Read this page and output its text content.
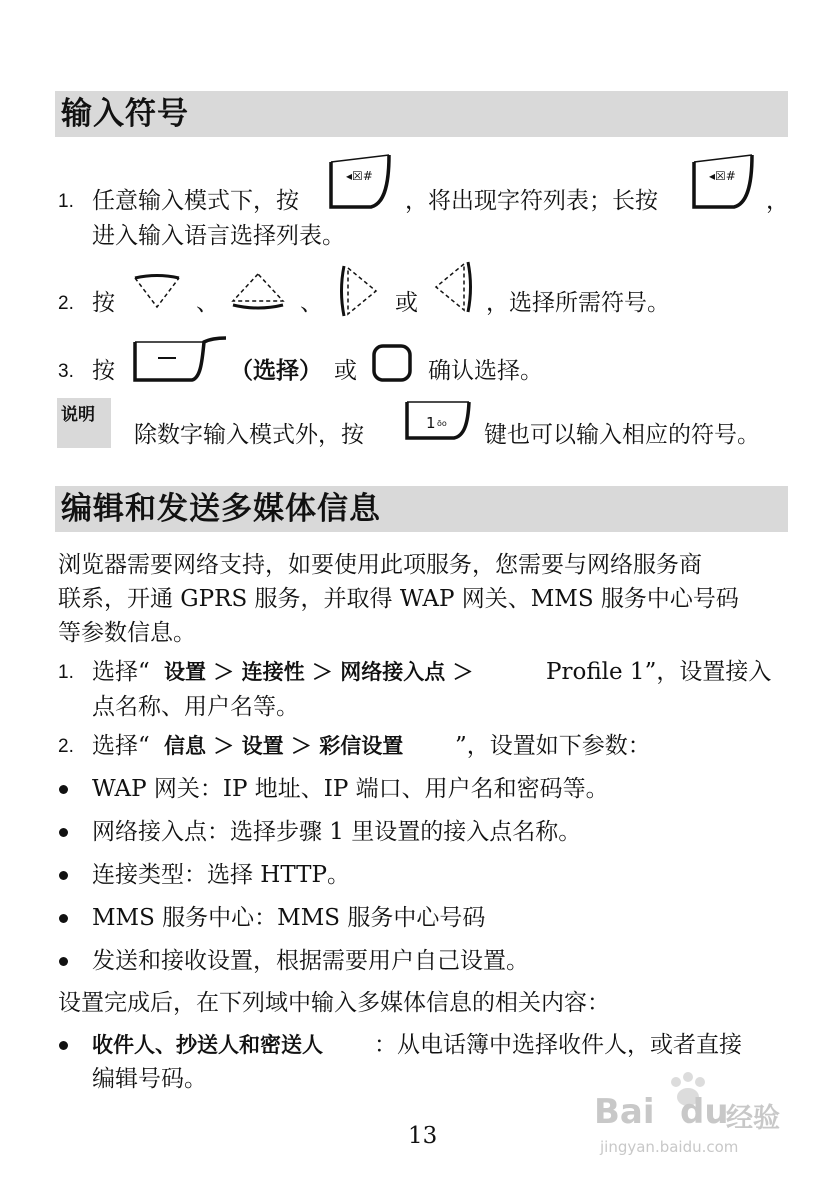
输入符号
1. 任意输入模式下，按
◂☒#
，将出现字符列表；长按
◂☒#
，
进入输入语言选择列表。
2. 按	、	、	或	，选择所需符号。
3. 按	（选择） 或	确认选择。
说明
除数字输入模式外，按	1 ōo 键也可以输入相应的符号。
编辑和发送多媒体信息
浏览器需要网络支持，如要使用此项服务，您需要与网络服务商
联系，开通 GPRS 服务，并取得 WAP 网关、MMS 服务中心号码
等参数信息。
1. 选择“ 设置 ＞ 连接性 ＞ 网络接入点 ＞	Profile 1”，设置接入
点名称、用户名等。
2. 选择“ 信息 ＞ 设置 ＞ 彩信设置 ”，设置如下参数：
WAP 网关：IP 地址、IP 端口、用户名和密码等。
网络接入点：选择步骤 1 里设置的接入点名称。
连接类型：选择 HTTP。
MMS 服务中心：MMS 服务中心号码
发送和接收设置，根据需要用户自己设置。
设置完成后，在下列域中输入多媒体信息的相关内容：
收件人、抄送人和密送人 ：从电话簿中选择收件人，或者直接
编辑号码。
13
Bai du
经验
jingyan.baidu.com
